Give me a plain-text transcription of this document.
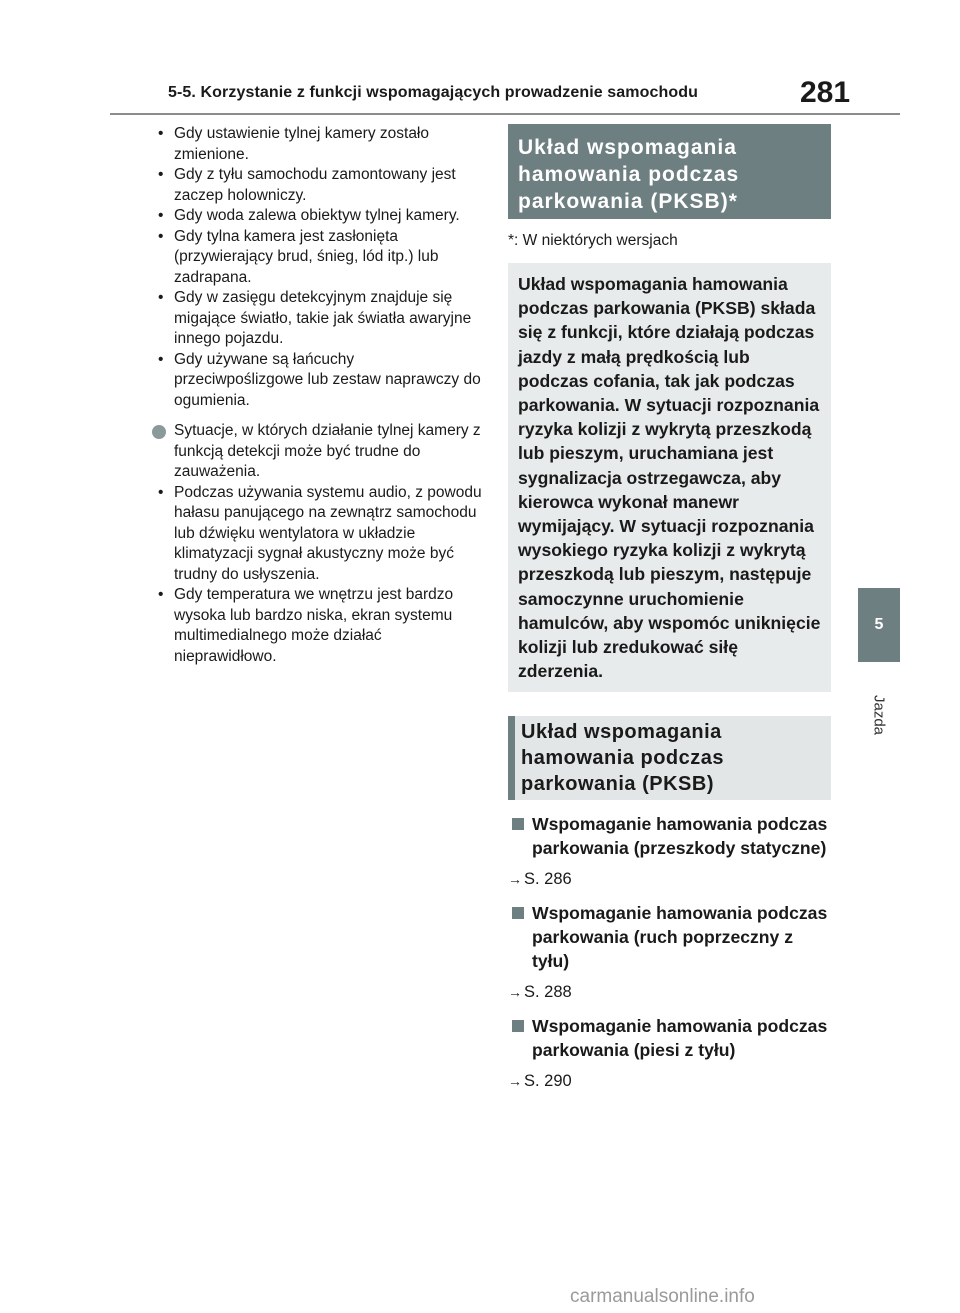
5-5. Korzystanie z funkcji wspomagających prowadzenie samochodu	281
5
Jazda
• Gdy ustawienie tylnej kamery zostało zmienione.
• Gdy z tyłu samochodu zamontowany jest zaczep holowniczy.
• Gdy woda zalewa obiektyw tylnej kamery.
• Gdy tylna kamera jest zasłonięta (przywierający brud, śnieg, lód itp.) lub zadrapana.
• Gdy w zasięgu detekcyjnym znajduje się migające światło, takie jak światła awaryjne innego pojazdu.
• Gdy używane są łańcuchy przeciwpoślizgowe lub zestaw naprawczy do ogumienia.
Sytuacje, w których działanie tylnej kamery z funkcją detekcji może być trudne do zauważenia.
• Podczas używania systemu audio, z powodu hałasu panującego na zewnątrz samochodu lub dźwięku wentylatora w układzie klimatyzacji sygnał akustyczny może być trudny do usłyszenia.
• Gdy temperatura we wnętrzu jest bardzo wysoka lub bardzo niska, ekran systemu multimedialnego może działać nieprawidłowo.
Układ wspomagania hamowania podczas parkowania (PKSB)*
*: W niektórych wersjach
Układ wspomagania hamowania podczas parkowania (PKSB) składa się z funkcji, które działają podczas jazdy z małą prędkością lub podczas cofania, tak jak podczas parkowania. W sytuacji rozpoznania ryzyka kolizji z wykrytą przeszkodą lub pieszym, uruchamiana jest sygnalizacja ostrzegawcza, aby kierowca wykonał manewr wymijający. W sytuacji rozpoznania wysokiego ryzyka kolizji z wykrytą przeszkodą lub pieszym, następuje samoczynne uruchomienie hamulców, aby wspomóc uniknięcie kolizji lub zredukować siłę zderzenia.
Układ wspomagania hamowania podczas parkowania (PKSB)
Wspomaganie hamowania podczas parkowania (przeszkody statyczne)
→ S. 286
Wspomaganie hamowania podczas parkowania (ruch poprzeczny z tyłu)
→ S. 288
Wspomaganie hamowania podczas parkowania (piesi z tyłu)
→ S. 290
carmanualsonline.info
